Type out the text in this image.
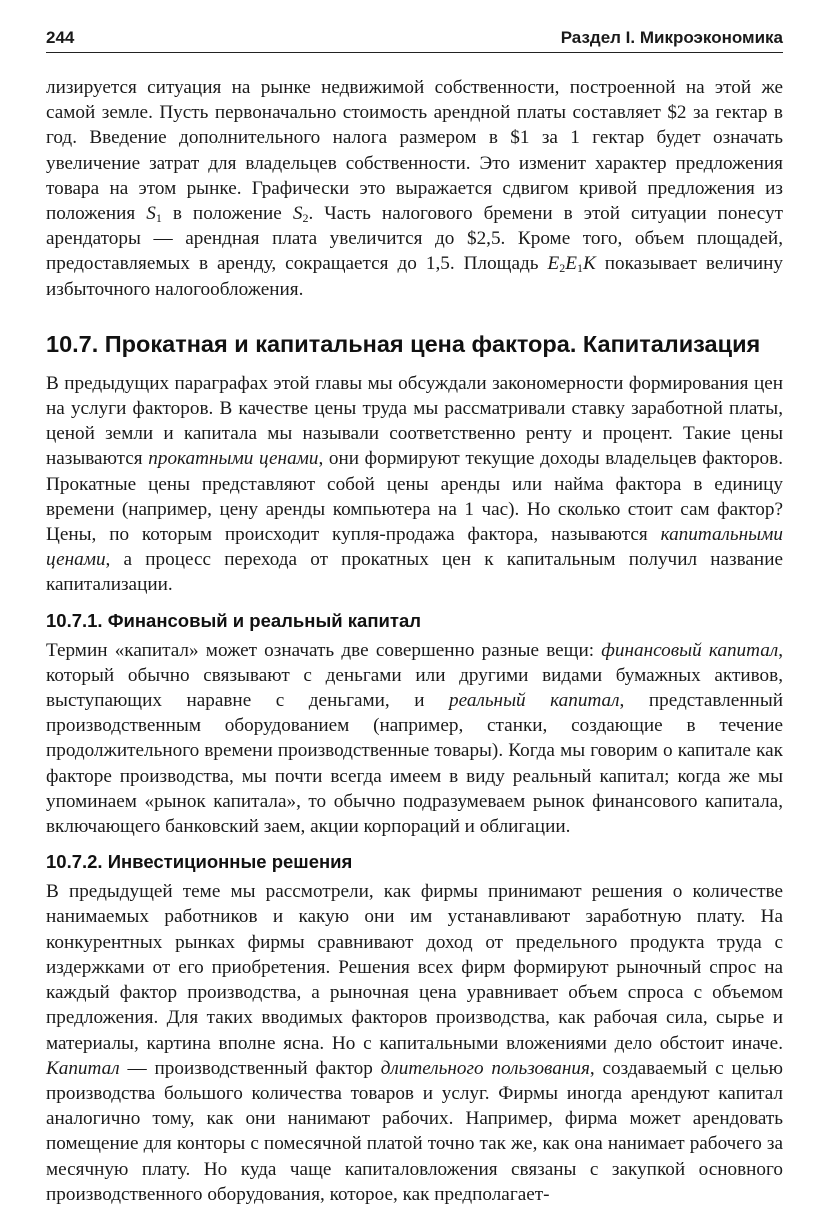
244	Раздел I. Микроэкономика

лизируется ситуация на рынке недвижимой собственности, построенной на этой же самой земле. Пусть первоначально стоимость арендной платы составляет $2 за гектар в год. Введение дополнительного налога размером в $1 за 1 гектар будет означать увеличение затрат для владельцев собственности. Это изменит характер предложения товара на этом рынке. Графически это выражается сдвигом кривой предложения из положения $S_1$ в положение $S_2$. Часть налогового бремени в этой ситуации понесут арендаторы — арендная плата увеличится до $2,5. Кроме того, объем площадей, предоставляемых в аренду, сокращается до 1,5. Площадь $E_2E_1K$ показывает величину избыточного налогообложения.

10.7. Прокатная и капитальная цена фактора. Капитализация

В предыдущих параграфах этой главы мы обсуждали закономерности формирования цен на услуги факторов. В качестве цены труда мы рассматривали ставку заработной платы, ценой земли и капитала мы называли соответственно ренту и процент. Такие цены называются прокатными ценами, они формируют текущие доходы владельцев факторов. Прокатные цены представляют собой цены аренды или найма фактора в единицу времени (например, цену аренды компьютера на 1 час). Но сколько стоит сам фактор? Цены, по которым происходит купля-продажа фактора, называются капитальными ценами, а процесс перехода от прокатных цен к капитальным получил название капитализации.

10.7.1. Финансовый и реальный капитал

Термин «капитал» может означать две совершенно разные вещи: финансовый капитал, который обычно связывают с деньгами или другими видами бумажных активов, выступающих наравне с деньгами, и реальный капитал, представленный производственным оборудованием (например, станки, создающие в течение продолжительного времени производственные товары). Когда мы говорим о капитале как факторе производства, мы почти всегда имеем в виду реальный капитал; когда же мы упоминаем «рынок капитала», то обычно подразумеваем рынок финансового капитала, включающего банковский заем, акции корпораций и облигации.

10.7.2. Инвестиционные решения

В предыдущей теме мы рассмотрели, как фирмы принимают решения о количестве нанимаемых работников и какую они им устанавливают заработную плату. На конкурентных рынках фирмы сравнивают доход от предельного продукта труда с издержками от его приобретения. Решения всех фирм формируют рыночный спрос на каждый фактор производства, а рыночная цена уравнивает объем спроса с объемом предложения. Для таких вводимых факторов производства, как рабочая сила, сырье и материалы, картина вполне ясна. Но с капитальными вложениями дело обстоит иначе. Капитал — производственный фактор длительного пользования, создаваемый с целью производства большого количества товаров и услуг. Фирмы иногда арендуют капитал аналогично тому, как они нанимают рабочих. Например, фирма может арендовать помещение для конторы с помесячной платой точно так же, как она нанимает рабочего за месячную плату. Но куда чаще капиталовложения связаны с закупкой основного производственного оборудования, которое, как предполагает-
